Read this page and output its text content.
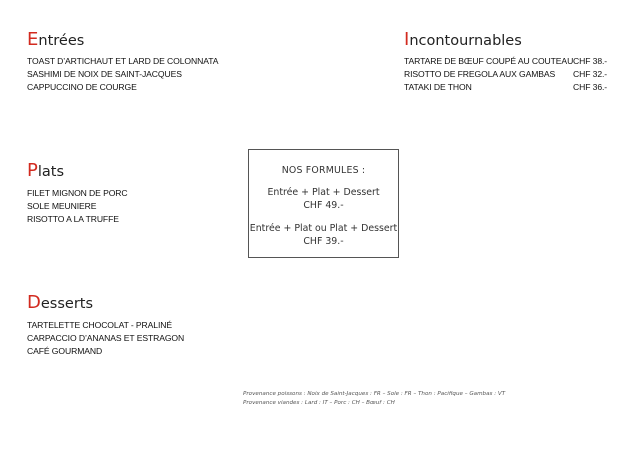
Entrées
TOAST D’ARTICHAUT ET LARD DE COLONNATA
SASHIMI DE NOIX DE SAINT-JACQUES
CAPPUCCINO DE COURGE
Incontournables
TARTARE DE BŒUF COUPÉ AU COUTEAU CHF 38.-
RISOTTO DE FREGOLA AUX GAMBAS CHF 32.-
TATAKI DE THON	CHF 36.-
Plats
FILET MIGNON DE PORC
SOLE MEUNIERE
RISOTTO A LA TRUFFE
NOS FORMULES :
Entrée + Plat + Dessert
CHF 49.-
Entrée + Plat ou Plat + Dessert
CHF 39.-
Desserts
TARTELETTE CHOCOLAT - PRALINÉ
CARPACCIO D’ANANAS ET ESTRAGON
CAFÉ GOURMAND
Provenance poissons : Noix de Saint-Jacques : FR – Sole : FR – Thon : Pacifique – Gambas : VT
Provenance viandes : Lard : IT – Porc : CH – Bœuf : CH
